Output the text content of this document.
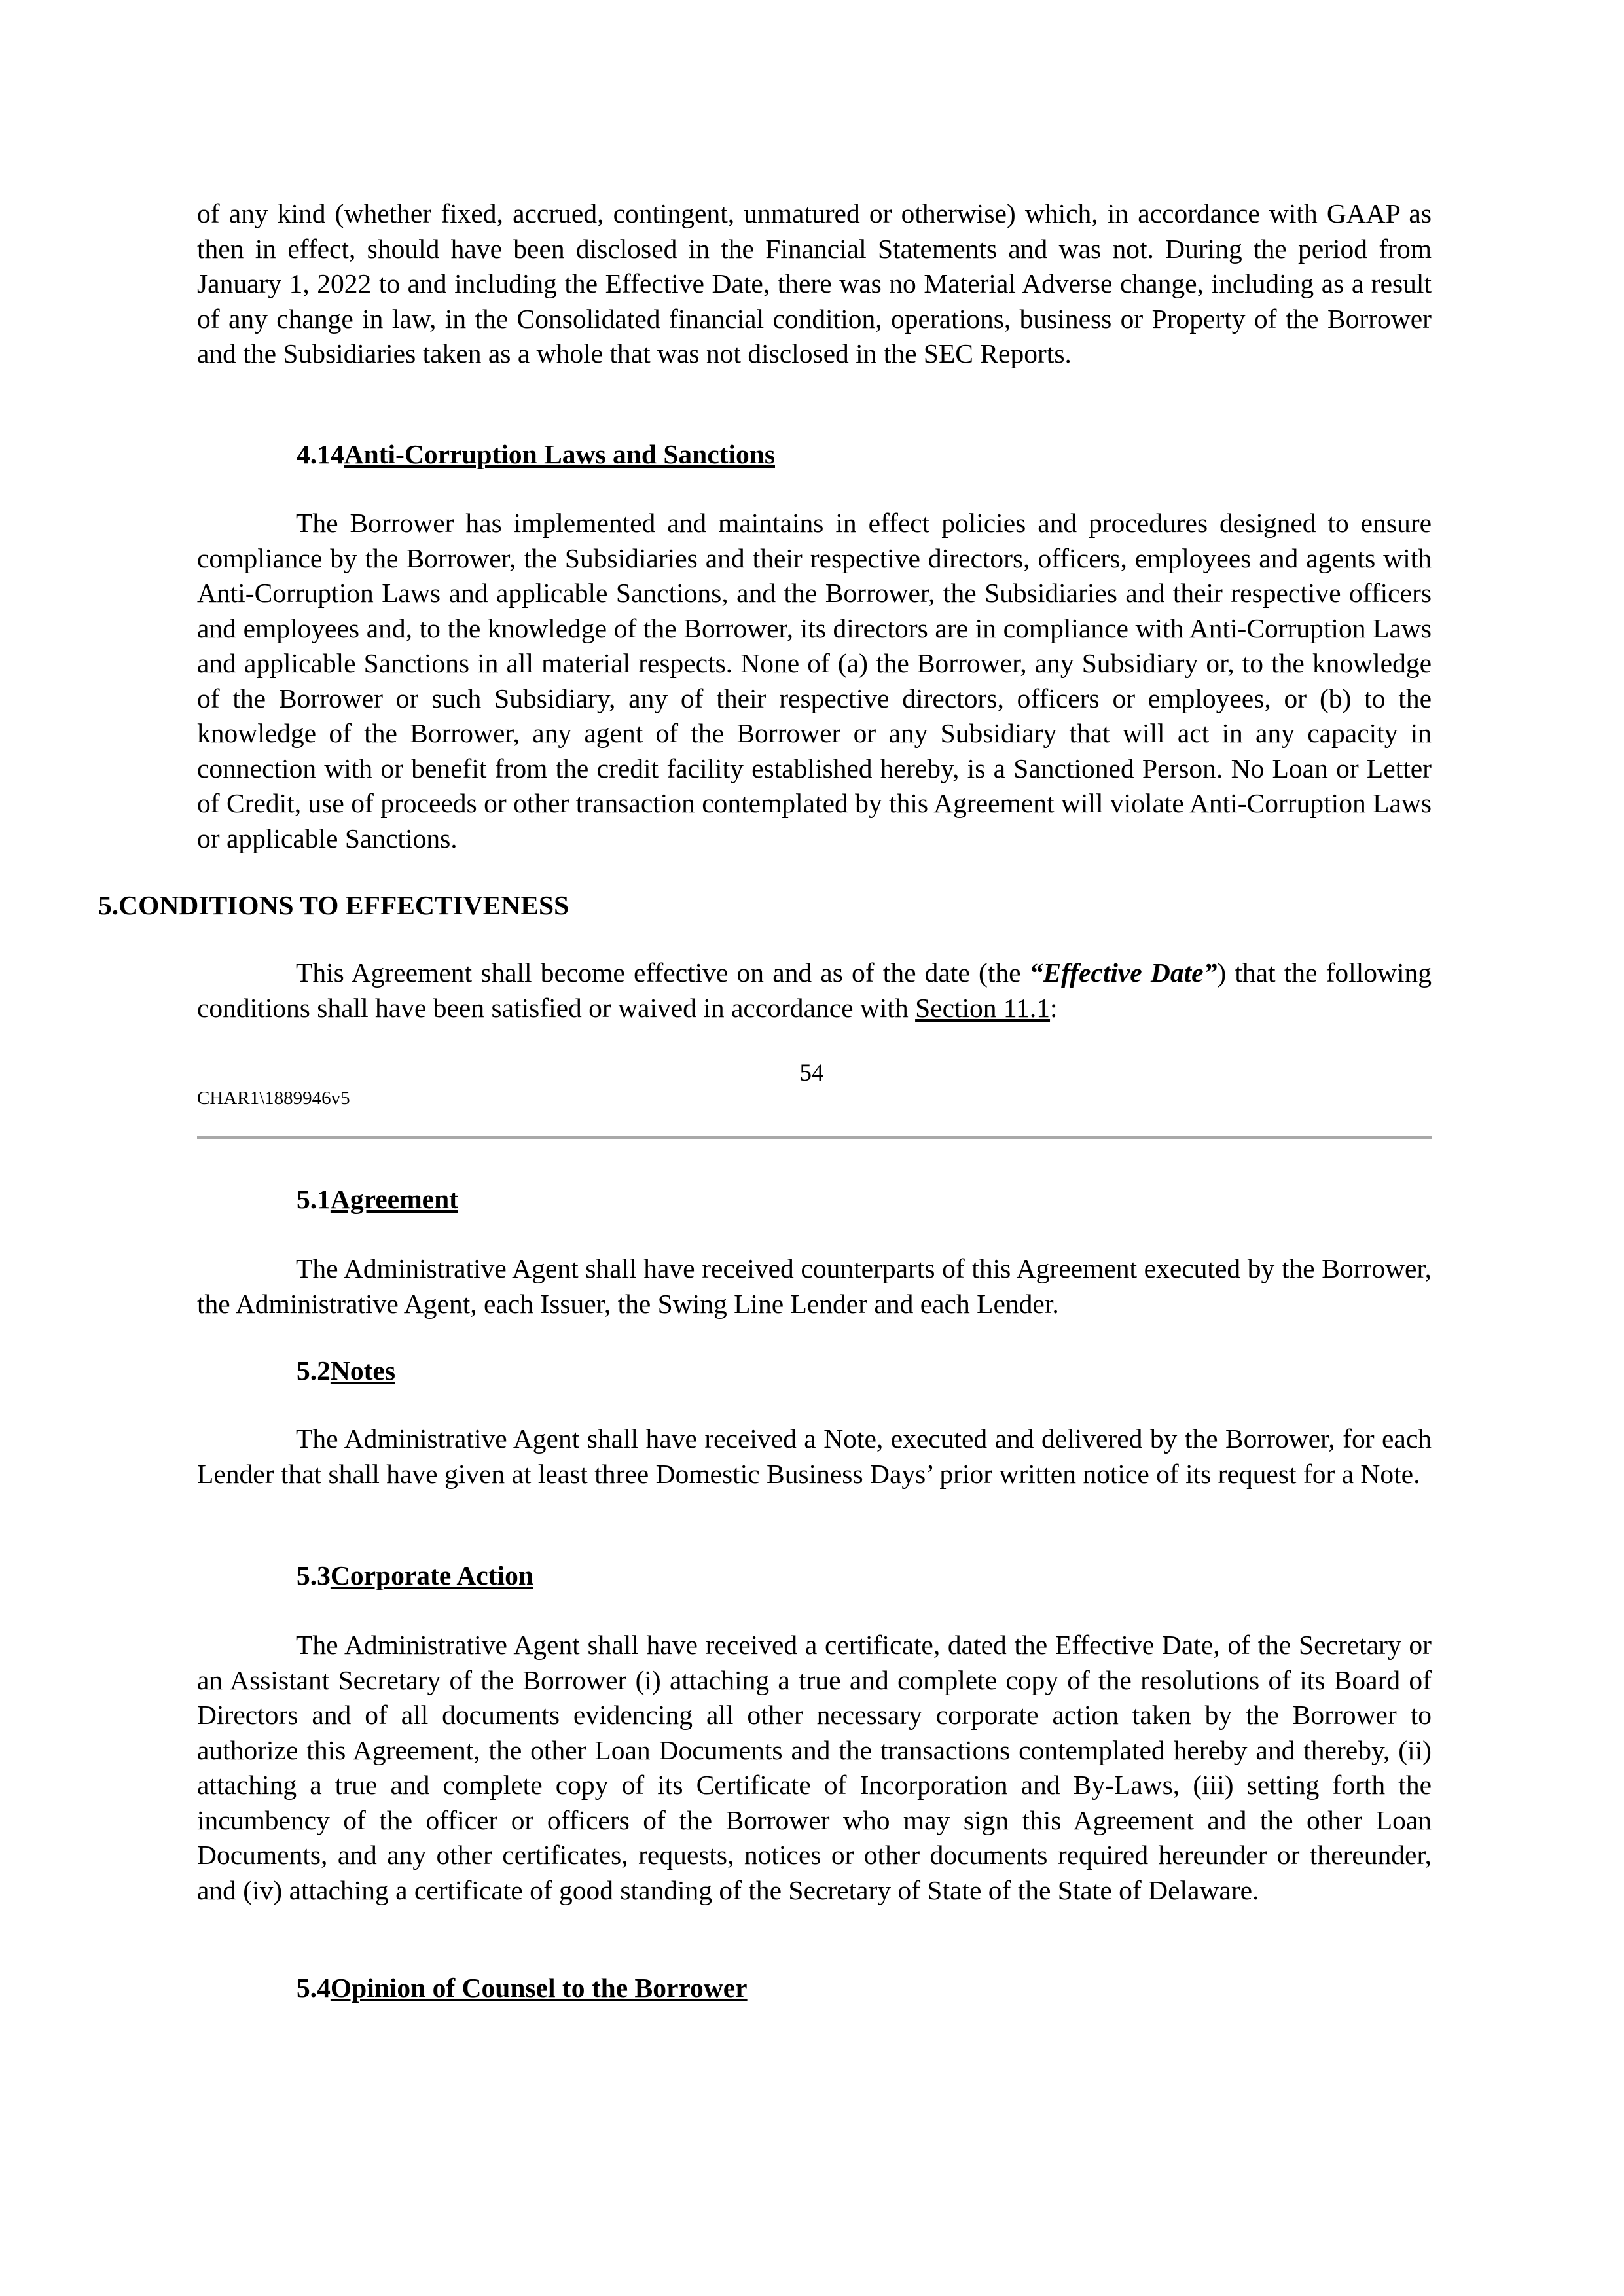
of any kind (whether fixed, accrued, contingent, unmatured or otherwise) which, in accordance with GAAP as then in effect, should have been disclosed in the Financial Statements and was not. During the period from January 1, 2022 to and including the Effective Date, there was no Material Adverse change, including as a result of any change in law, in the Consolidated financial condition, operations, business or Property of the Borrower and the Subsidiaries taken as a whole that was not disclosed in the SEC Reports.

4.14Anti-Corruption Laws and Sanctions

The Borrower has implemented and maintains in effect policies and procedures designed to ensure compliance by the Borrower, the Subsidiaries and their respective directors, officers, employees and agents with Anti-Corruption Laws and applicable Sanctions, and the Borrower, the Subsidiaries and their respective officers and employees and, to the knowledge of the Borrower, its directors are in compliance with Anti-Corruption Laws and applicable Sanctions in all material respects. None of (a) the Borrower, any Subsidiary or, to the knowledge of the Borrower or such Subsidiary, any of their respective directors, officers or employees, or (b) to the knowledge of the Borrower, any agent of the Borrower or any Subsidiary that will act in any capacity in connection with or benefit from the credit facility established hereby, is a Sanctioned Person. No Loan or Letter of Credit, use of proceeds or other transaction contemplated by this Agreement will violate Anti-Corruption Laws or applicable Sanctions.

5.CONDITIONS TO EFFECTIVENESS

This Agreement shall become effective on and as of the date (the “Effective Date”) that the following conditions shall have been satisfied or waived in accordance with Section 11.1:

54
CHAR1\1889946v5

5.1Agreement

The Administrative Agent shall have received counterparts of this Agreement executed by the Borrower, the Administrative Agent, each Issuer, the Swing Line Lender and each Lender.

5.2Notes

The Administrative Agent shall have received a Note, executed and delivered by the Borrower, for each Lender that shall have given at least three Domestic Business Days’ prior written notice of its request for a Note.

5.3Corporate Action

The Administrative Agent shall have received a certificate, dated the Effective Date, of the Secretary or an Assistant Secretary of the Borrower (i) attaching a true and complete copy of the resolutions of its Board of Directors and of all documents evidencing all other necessary corporate action taken by the Borrower to authorize this Agreement, the other Loan Documents and the transactions contemplated hereby and thereby, (ii) attaching a true and complete copy of its Certificate of Incorporation and By-Laws, (iii) setting forth the incumbency of the officer or officers of the Borrower who may sign this Agreement and the other Loan Documents, and any other certificates, requests, notices or other documents required hereunder or thereunder, and (iv) attaching a certificate of good standing of the Secretary of State of the State of Delaware.

5.4Opinion of Counsel to the Borrower
